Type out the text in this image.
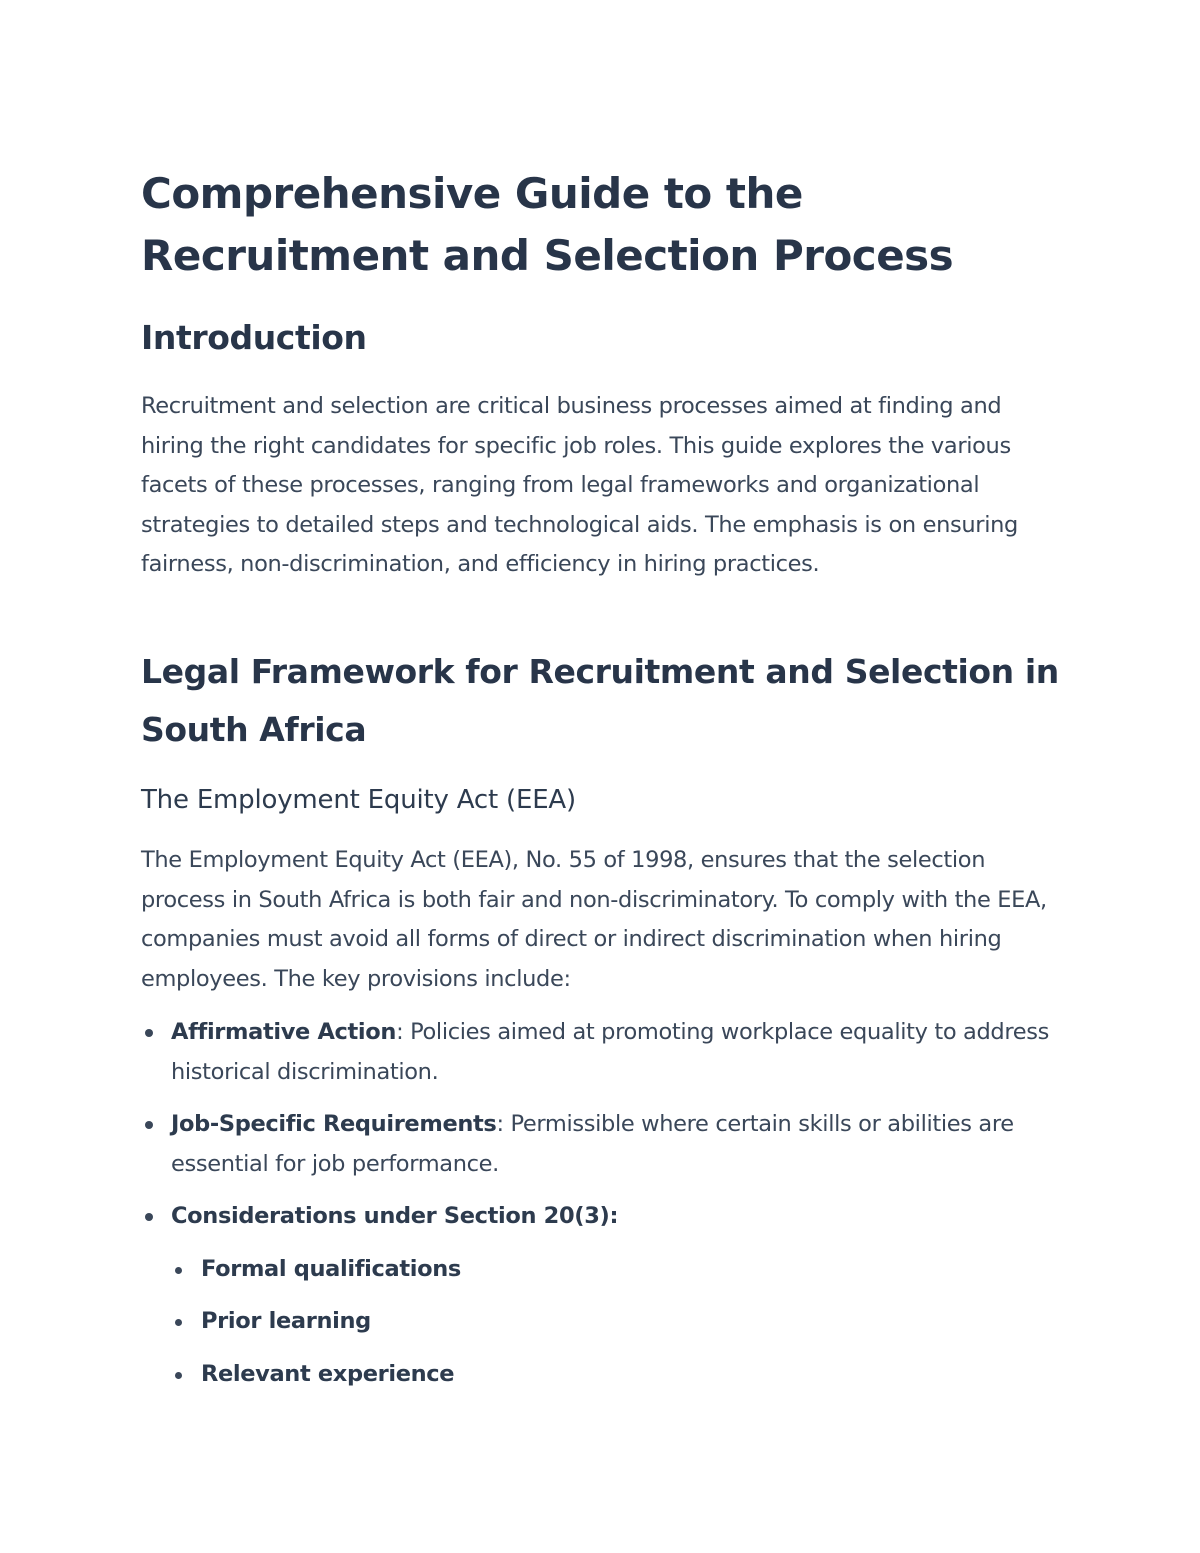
Comprehensive Guide to the Recruitment and Selection Process
Introduction

Recruitment and selection are critical business processes aimed at finding and hiring the right candidates for specific job roles. This guide explores the various facets of these processes, ranging from legal frameworks and organizational strategies to detailed steps and technological aids. The emphasis is on ensuring fairness, non-discrimination, and efficiency in hiring practices.

Legal Framework for Recruitment and Selection in South Africa
The Employment Equity Act (EEA)

The Employment Equity Act (EEA), No. 55 of 1998, ensures that the selection process in South Africa is both fair and non-discriminatory. To comply with the EEA, companies must avoid all forms of direct or indirect discrimination when hiring employees. The key provisions include:

Affirmative Action: Policies aimed at promoting workplace equality to address historical discrimination.
Job-Specific Requirements: Permissible where certain skills or abilities are essential for job performance.
Considerations under Section 20(3):
Formal qualifications
Prior learning
Relevant experience
